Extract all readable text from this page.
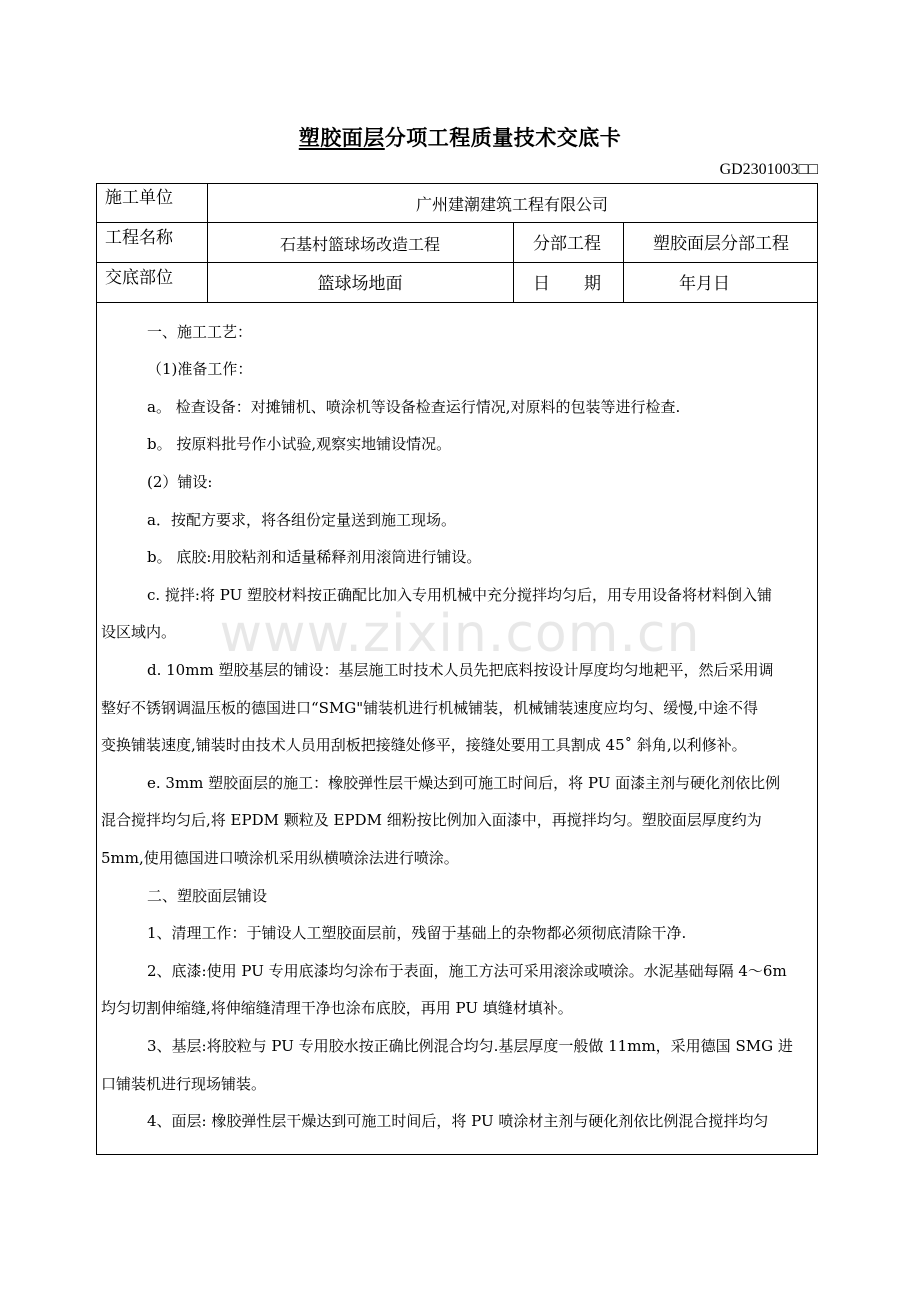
塑胶面层分项工程质量技术交底卡
GD2301003□□
施工单位	广州建潮建筑工程有限公司
工程名称	石基村篮球场改造工程	分部工程	塑胶面层分部工程
交底部位	篮球场地面	日　　期	年月日
一、施工工艺：
（1)准备工作：
a。 检查设备：对摊铺机、喷涂机等设备检查运行情况,对原料的包装等进行检查.
b。 按原料批号作小试验,观察实地铺设情况。
(2）铺设:
a．按配方要求，将各组份定量送到施工现场。
b。 底胶:用胶粘剂和适量稀释剂用滚筒进行铺设。
c. 搅拌:将 PU 塑胶材料按正确配比加入专用机械中充分搅拌均匀后，用专用设备将材料倒入铺
设区域内。
d. 10mm 塑胶基层的铺设：基层施工时技术人员先把底料按设计厚度均匀地耙平，然后采用调
整好不锈钢调温压板的德国进口“SMG"铺装机进行机械铺装，机械铺装速度应均匀、缓慢,中途不得
变换铺装速度,铺装时由技术人员用刮板把接缝处修平，接缝处要用工具割成 45˚ 斜角,以利修补。
e. 3mm 塑胶面层的施工：橡胶弹性层干燥达到可施工时间后，将 PU 面漆主剂与硬化剂依比例
混合搅拌均匀后,将 EPDM 颗粒及 EPDM 细粉按比例加入面漆中，再搅拌均匀。塑胶面层厚度约为
5mm,使用德国进口喷涂机采用纵横喷涂法进行喷涂。
二、塑胶面层铺设
1、清理工作：于铺设人工塑胶面层前，残留于基础上的杂物都必须彻底清除干净.
2、底漆:使用 PU 专用底漆均匀涂布于表面，施工方法可采用滚涂或喷涂。水泥基础每隔 4～6m
均匀切割伸缩缝,将伸缩缝清理干净也涂布底胶，再用 PU 填缝材填补。
3、基层:将胶粒与 PU 专用胶水按正确比例混合均匀.基层厚度一般做 11mm，采用德国 SMG 进
口铺装机进行现场铺装。
4、面层: 橡胶弹性层干燥达到可施工时间后，将 PU 喷涂材主剂与硬化剂依比例混合搅拌均匀
www.zixin.com.cn
